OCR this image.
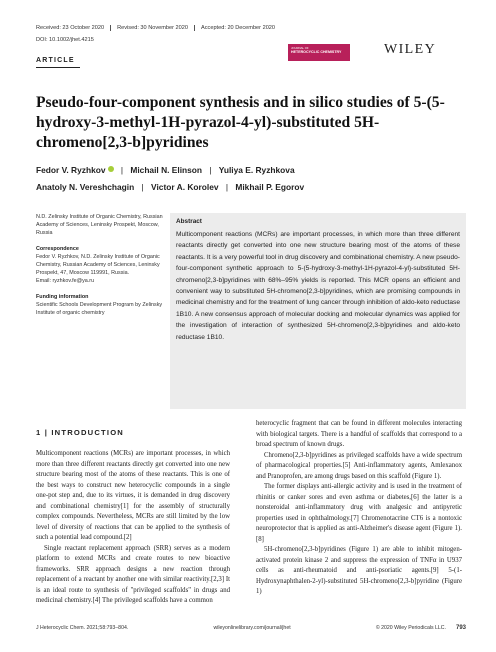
Received: 23 October 2020	Revised: 30 November 2020	Accepted: 20 December 2020
DOI: 10.1002/jhet.4215
ARTICLE
JOURNAL OF
HETEROCYCLIC CHEMISTRY	WILEY
Pseudo-four-component synthesis and in silico studies of 5-(5-hydroxy-3-methyl-1H-pyrazol-4-yl)-substituted 5H-chromeno[2,3-b]pyridines
Fedor V. Ryzhkov | Michail N. Elinson | Yuliya E. Ryzhkova
Anatoly N. Vereshchagin | Victor A. Korolev | Mikhail P. Egorov

N.D. Zelinsky Institute of Organic Chemistry, Russian Academy of Sciences, Leninsky Prospekt, Moscow, Russia

Correspondence

Fedor V. Ryzhkov, N.D. Zelinsky Institute of Organic Chemistry, Russian Academy of Sciences, Leninsky Prospekt, 47, Moscow 119991, Russia.

Email: ryzhkov.fe@ya.ru

Funding information

Scientific Schools Development Program by Zelinsky Institute of organic chemistry

Abstract
Multicomponent reactions (MCRs) are important processes, in which more than three different reactants directly get converted into one new structure bearing most of the atoms of these reactants. It is a very powerful tool in drug discovery and combinational chemistry. A new pseudo-four-component synthetic approach to 5-(5-hydroxy-3-methyl-1H-pyrazol-4-yl)-substituted 5H-chromeno[2,3-b]pyridines with 68%–95% yields is reported. This MCR opens an efficient and convenient way to substituted 5H-chromeno[2,3-b]pyridines, which are promising compounds in medicinal chemistry and for the treatment of lung cancer through inhibition of aldo-keto reductase 1B10. A new consensus approach of molecular docking and molecular dynamics was applied for the investigation of interaction of synthesized 5H-chromeno[2,3-b]pyridines and aldo-keto reductase 1B10.
1 | INTRODUCTION

Multicomponent reactions (MCRs) are important processes, in which more than three different reactants directly get converted into one new structure bearing most of the atoms of these reactants. This is one of the best ways to construct new heterocyclic compounds in a single one-pot step and, due to its virtues, it is demanded in drug discovery and combinational chemistry[1] for the assembly of structurally complex compounds. Nevertheless, MCRs are still limited by the low level of diversity of reactions that can be applied to the synthesis of such a potential lead compound.[2]

Single reactant replacement approach (SRR) serves as a modern platform to extend MCRs and create routes to new bioactive frameworks. SRR approach designs a new reaction through replacement of a reactant by another one with similar reactivity.[2,3] It is an ideal route to synthesis of "privileged scaffolds" in drugs and medicinal chemistry.[4] The privileged scaffolds have a common

heterocyclic fragment that can be found in different molecules interacting with biological targets. There is a handful of scaffolds that correspond to a broad spectrum of known drugs.

Chromeno[2,3-b]pyridines as privileged scaffolds have a wide spectrum of pharmacological properties.[5] Anti-inflammatory agents, Amlexanox and Pranoprofen, are among drugs based on this scaffold (Figure 1).

The former displays anti-allergic activity and is used in the treatment of rhinitis or canker sores and even asthma or diabetes,[6] the latter is a nonsteroidal anti-inflammatory drug with analgesic and antipyretic properties used in ophthalmology.[7] Chromenotacrine CT6 is a nontoxic neuroprotector that is applied as anti-Alzheimer's disease agent (Figure 1).[8]

5H-chromeno[2,3-b]pyridines (Figure 1) are able to inhibit mitogen-activated protein kinase 2 and suppress the expression of TNFα in U937 cells as anti-rheumatoid and anti-psoriatic agents.[9] 5-(1-Hydroxynaphthalen-2-yl)-substituted 5H-chromeno[2,3-b]pyridine (Figure 1)

J Heterocyclic Chem. 2021;58:793–804.	wileyonlinelibrary.com/journal/jhet	© 2020 Wiley Periodicals LLC. 793
